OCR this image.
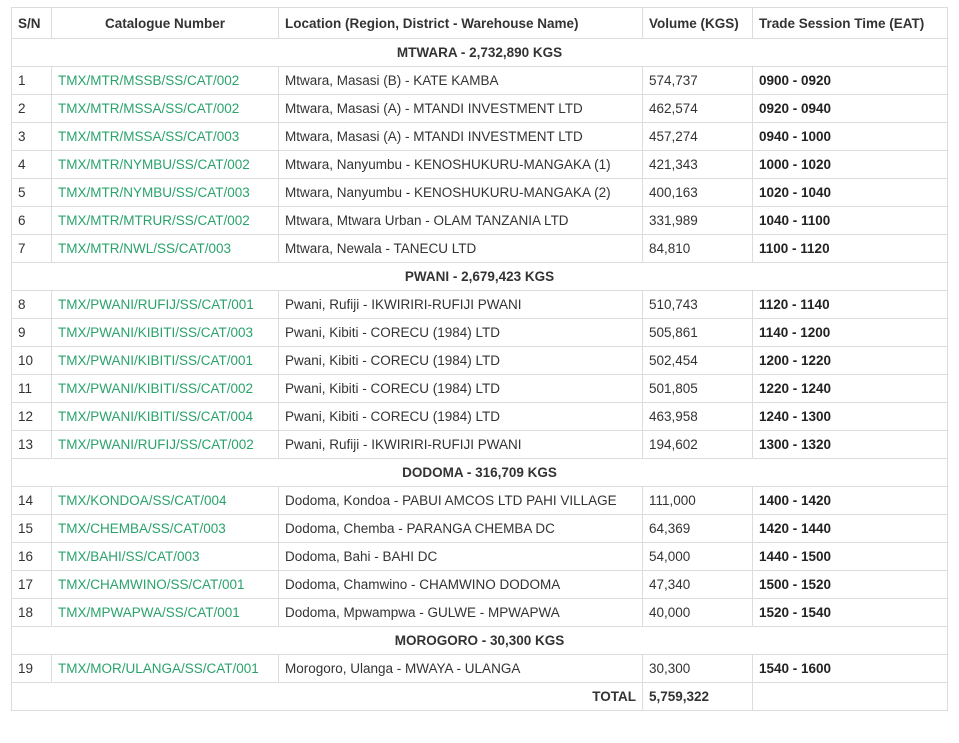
S/N	Catalogue Number	Location (Region, District - Warehouse Name)	Volume (KGS)	Trade Session Time (EAT)
MTWARA - 2,732,890 KGS				
1	TMX/MTR/MSSB/SS/CAT/002	Mtwara, Masasi (B) - KATE KAMBA	574,737	0900 - 0920
2	TMX/MTR/MSSA/SS/CAT/002	Mtwara, Masasi (A) - MTANDI INVESTMENT LTD	462,574	0920 - 0940
3	TMX/MTR/MSSA/SS/CAT/003	Mtwara, Masasi (A) - MTANDI INVESTMENT LTD	457,274	0940 - 1000
4	TMX/MTR/NYMBU/SS/CAT/002	Mtwara, Nanyumbu - KENOSHUKURU-MANGAKA (1)	421,343	1000 - 1020
5	TMX/MTR/NYMBU/SS/CAT/003	Mtwara, Nanyumbu - KENOSHUKURU-MANGAKA (2)	400,163	1020 - 1040
6	TMX/MTR/MTRUR/SS/CAT/002	Mtwara, Mtwara Urban - OLAM TANZANIA LTD	331,989	1040 - 1100
7	TMX/MTR/NWL/SS/CAT/003	Mtwara, Newala - TANECU LTD	84,810	1100 - 1120
PWANI - 2,679,423 KGS				
8	TMX/PWANI/RUFIJ/SS/CAT/001	Pwani, Rufiji - IKWIRIRI-RUFIJI PWANI	510,743	1120 - 1140
9	TMX/PWANI/KIBITI/SS/CAT/003	Pwani, Kibiti - CORECU (1984) LTD	505,861	1140 - 1200
10	TMX/PWANI/KIBITI/SS/CAT/001	Pwani, Kibiti - CORECU (1984) LTD	502,454	1200 - 1220
11	TMX/PWANI/KIBITI/SS/CAT/002	Pwani, Kibiti - CORECU (1984) LTD	501,805	1220 - 1240
12	TMX/PWANI/KIBITI/SS/CAT/004	Pwani, Kibiti - CORECU (1984) LTD	463,958	1240 - 1300
13	TMX/PWANI/RUFIJ/SS/CAT/002	Pwani, Rufiji - IKWIRIRI-RUFIJI PWANI	194,602	1300 - 1320
DODOMA - 316,709 KGS				
14	TMX/KONDOA/SS/CAT/004	Dodoma, Kondoa - PABUI AMCOS LTD PAHI VILLAGE	111,000	1400 - 1420
15	TMX/CHEMBA/SS/CAT/003	Dodoma, Chemba - PARANGA CHEMBA DC	64,369	1420 - 1440
16	TMX/BAHI/SS/CAT/003	Dodoma, Bahi - BAHI DC	54,000	1440 - 1500
17	TMX/CHAMWINO/SS/CAT/001	Dodoma, Chamwino - CHAMWINO DODOMA	47,340	1500 - 1520
18	TMX/MPWAPWA/SS/CAT/001	Dodoma, Mpwampwa - GULWE - MPWAPWA	40,000	1520 - 1540
MOROGORO - 30,300 KGS				
19	TMX/MOR/ULANGA/SS/CAT/001	Morogoro, Ulanga - MWAYA - ULANGA	30,300	1540 - 1600
TOTAL			5,759,322	
